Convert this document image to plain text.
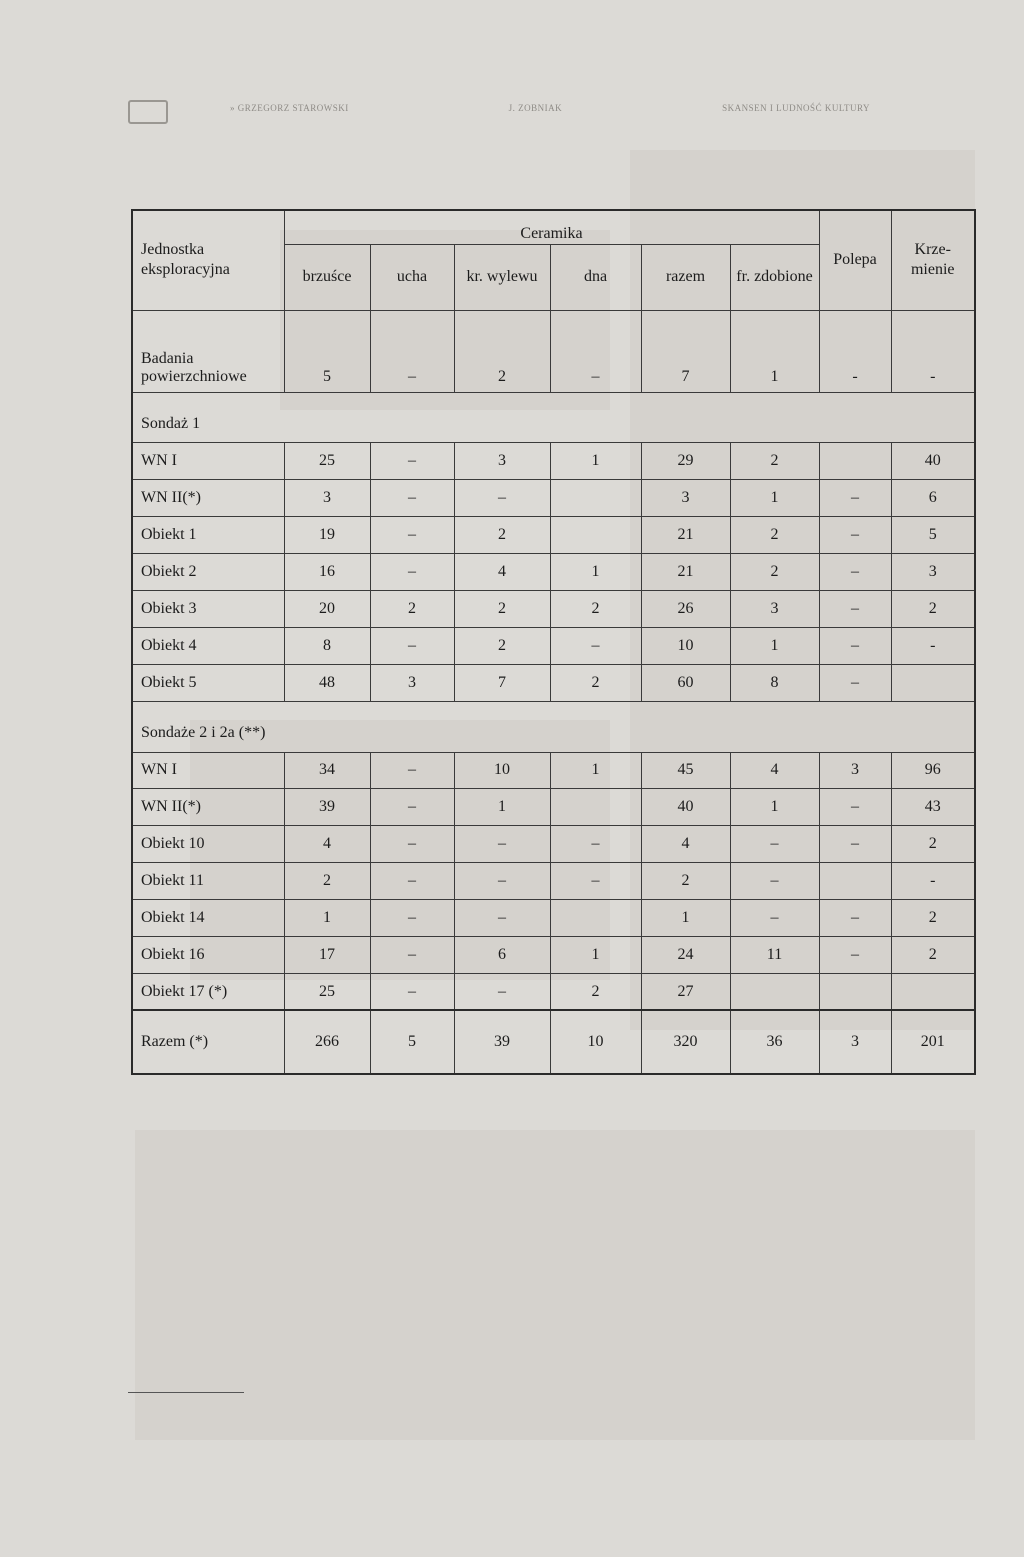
» GRZEGORZ STAROWSKI	J. ZOBNIAK	SKANSEN I LUDNOŚĆ KULTURY
Jednostka eksploracyjna	Ceramika						Polepa	Krze- mienie
	brzuśce	ucha	kr. wylewu	dna	razem	fr. zdobione		
Badania powierzchniowe	5	–	2	–	7	1	-	-
Sondaż 1								
WN I	25	–	3	1	29	2		40
WN II(*)	3	–	–		3	1	–	6
Obiekt 1	19	–	2		21	2	–	5
Obiekt 2	16	–	4	1	21	2	–	3
Obiekt 3	20	2	2	2	26	3	–	2
Obiekt 4	8	–	2	–	10	1	–	-
Obiekt 5	48	3	7	2	60	8	–	
Sondaże 2 i 2a (**)								
WN I	34	–	10	1	45	4	3	96
WN II(*)	39	–	1		40	1	–	43
Obiekt 10	4	–	–	–	4	–	–	2
Obiekt 11	2	–	–	–	2	–		-
Obiekt 14	1	–	–		1	–	–	2
Obiekt 16	17	–	6	1	24	11	–	2
Obiekt 17 (*)	25	–	–	2	27			
Razem (*)	266	5	39	10	320	36	3	201
